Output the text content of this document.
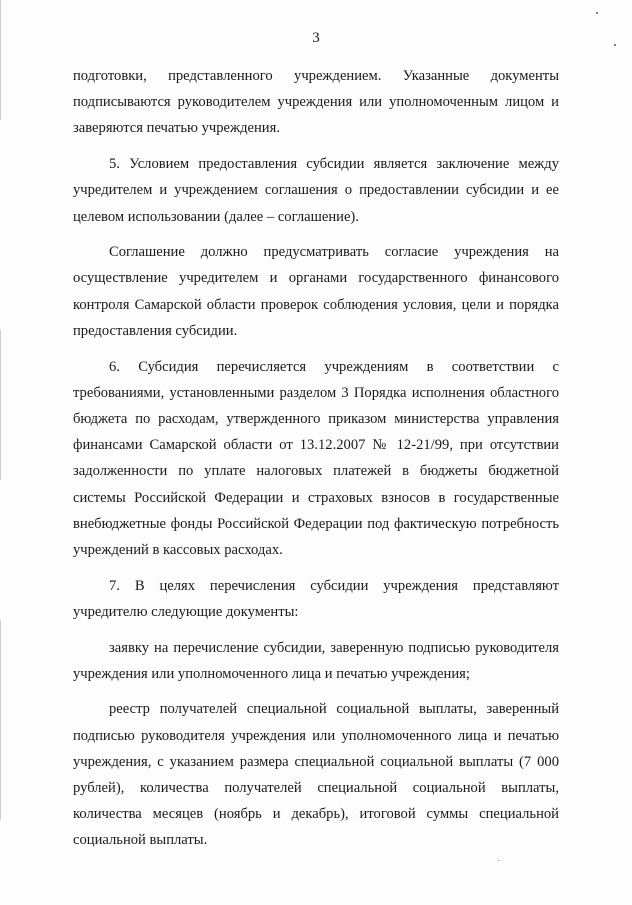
3

подготовки, представленного учреждением. Указанные документы подписываются руководителем учреждения или уполномоченным лицом и заверяются печатью учреждения.

5. Условием предоставления субсидии является заключение между учредителем и учреждением соглашения о предоставлении субсидии и ее целевом использовании (далее – соглашение).

Соглашение должно предусматривать согласие учреждения на осуществление учредителем и органами государственного финансового контроля Самарской области проверок соблюдения условия, цели и порядка предоставления субсидии.

6. Субсидия перечисляется учреждениям в соответствии с требованиями, установленными разделом 3 Порядка исполнения областного бюджета по расходам, утвержденного приказом министерства управления финансами Самарской области от 13.12.2007 № 12-21/99, при отсутствии задолженности по уплате налоговых платежей в бюджеты бюджетной системы Российской Федерации и страховых взносов в государственные внебюджетные фонды Российской Федерации под фактическую потребность учреждений в кассовых расходах.

7. В целях перечисления субсидии учреждения представляют учредителю следующие документы:

заявку на перечисление субсидии, заверенную подписью руководителя учреждения или уполномоченного лица и печатью учреждения;

реестр получателей специальной социальной выплаты, заверенный подписью руководителя учреждения или уполномоченного лица и печатью учреждения, с указанием размера специальной социальной выплаты (7 000 рублей), количества получателей специальной социальной выплаты, количества месяцев (ноябрь и декабрь), итоговой суммы специальной социальной выплаты.
